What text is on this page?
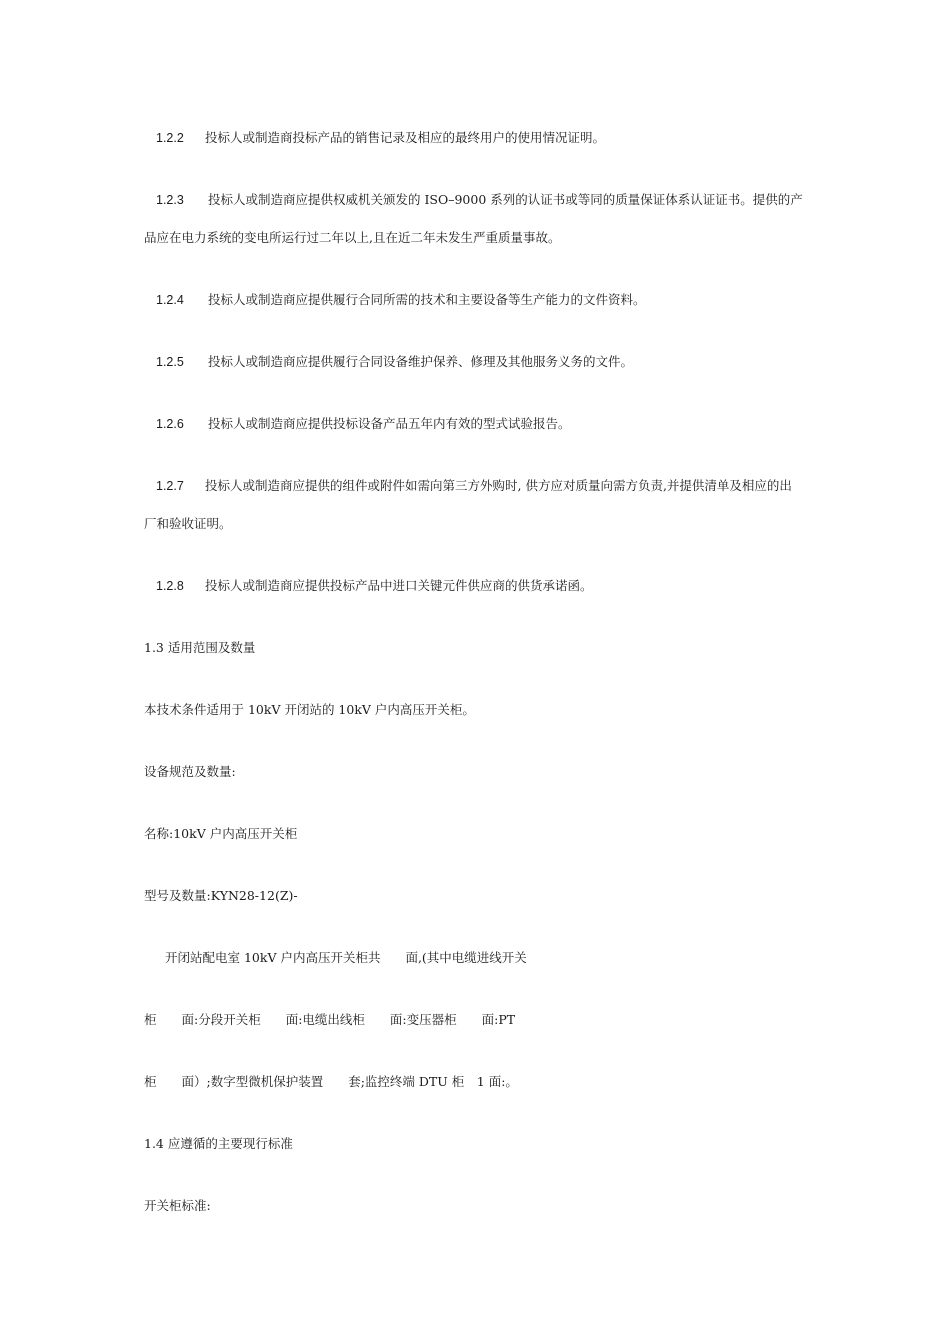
1.2.2 投标人或制造商投标产品的销售记录及相应的最终用户的使用情况证明。
1.2.3 投标人或制造商应提供权威机关颁发的 ISO–9000 系列的认证书或等同的质量保证体系认证证书。提供的产
品应在电力系统的变电所运行过二年以上,且在近二年未发生严重质量事故。
1.2.4 投标人或制造商应提供履行合同所需的技术和主要设备等生产能力的文件资料。
1.2.5 投标人或制造商应提供履行合同设备维护保养、修理及其他服务义务的文件。
1.2.6 投标人或制造商应提供投标设备产品五年内有效的型式试验报告。
1.2.7 投标人或制造商应提供的组件或附件如需向第三方外购时, 供方应对质量向需方负责,并提供清单及相应的出
厂和验收证明。
1.2.8 投标人或制造商应提供投标产品中进口关键元件供应商的供货承诺函。
1.3 适用范围及数量
本技术条件适用于 10kV 开闭站的 10kV 户内高压开关柜。
设备规范及数量:
名称:10kV 户内高压开关柜
型号及数量:KYN28-12(Z)-
开闭站配电室 10kV 户内高压开关柜共　　面,(其中电缆进线开关
柜　　面:分段开关柜　　面:电缆出线柜　　面:变压器柜　　面:PT
柜　　面）;数字型微机保护装置　　套;监控终端 DTU 柜　1 面:。
1.4 应遵循的主要现行标准
开关柜标准:
